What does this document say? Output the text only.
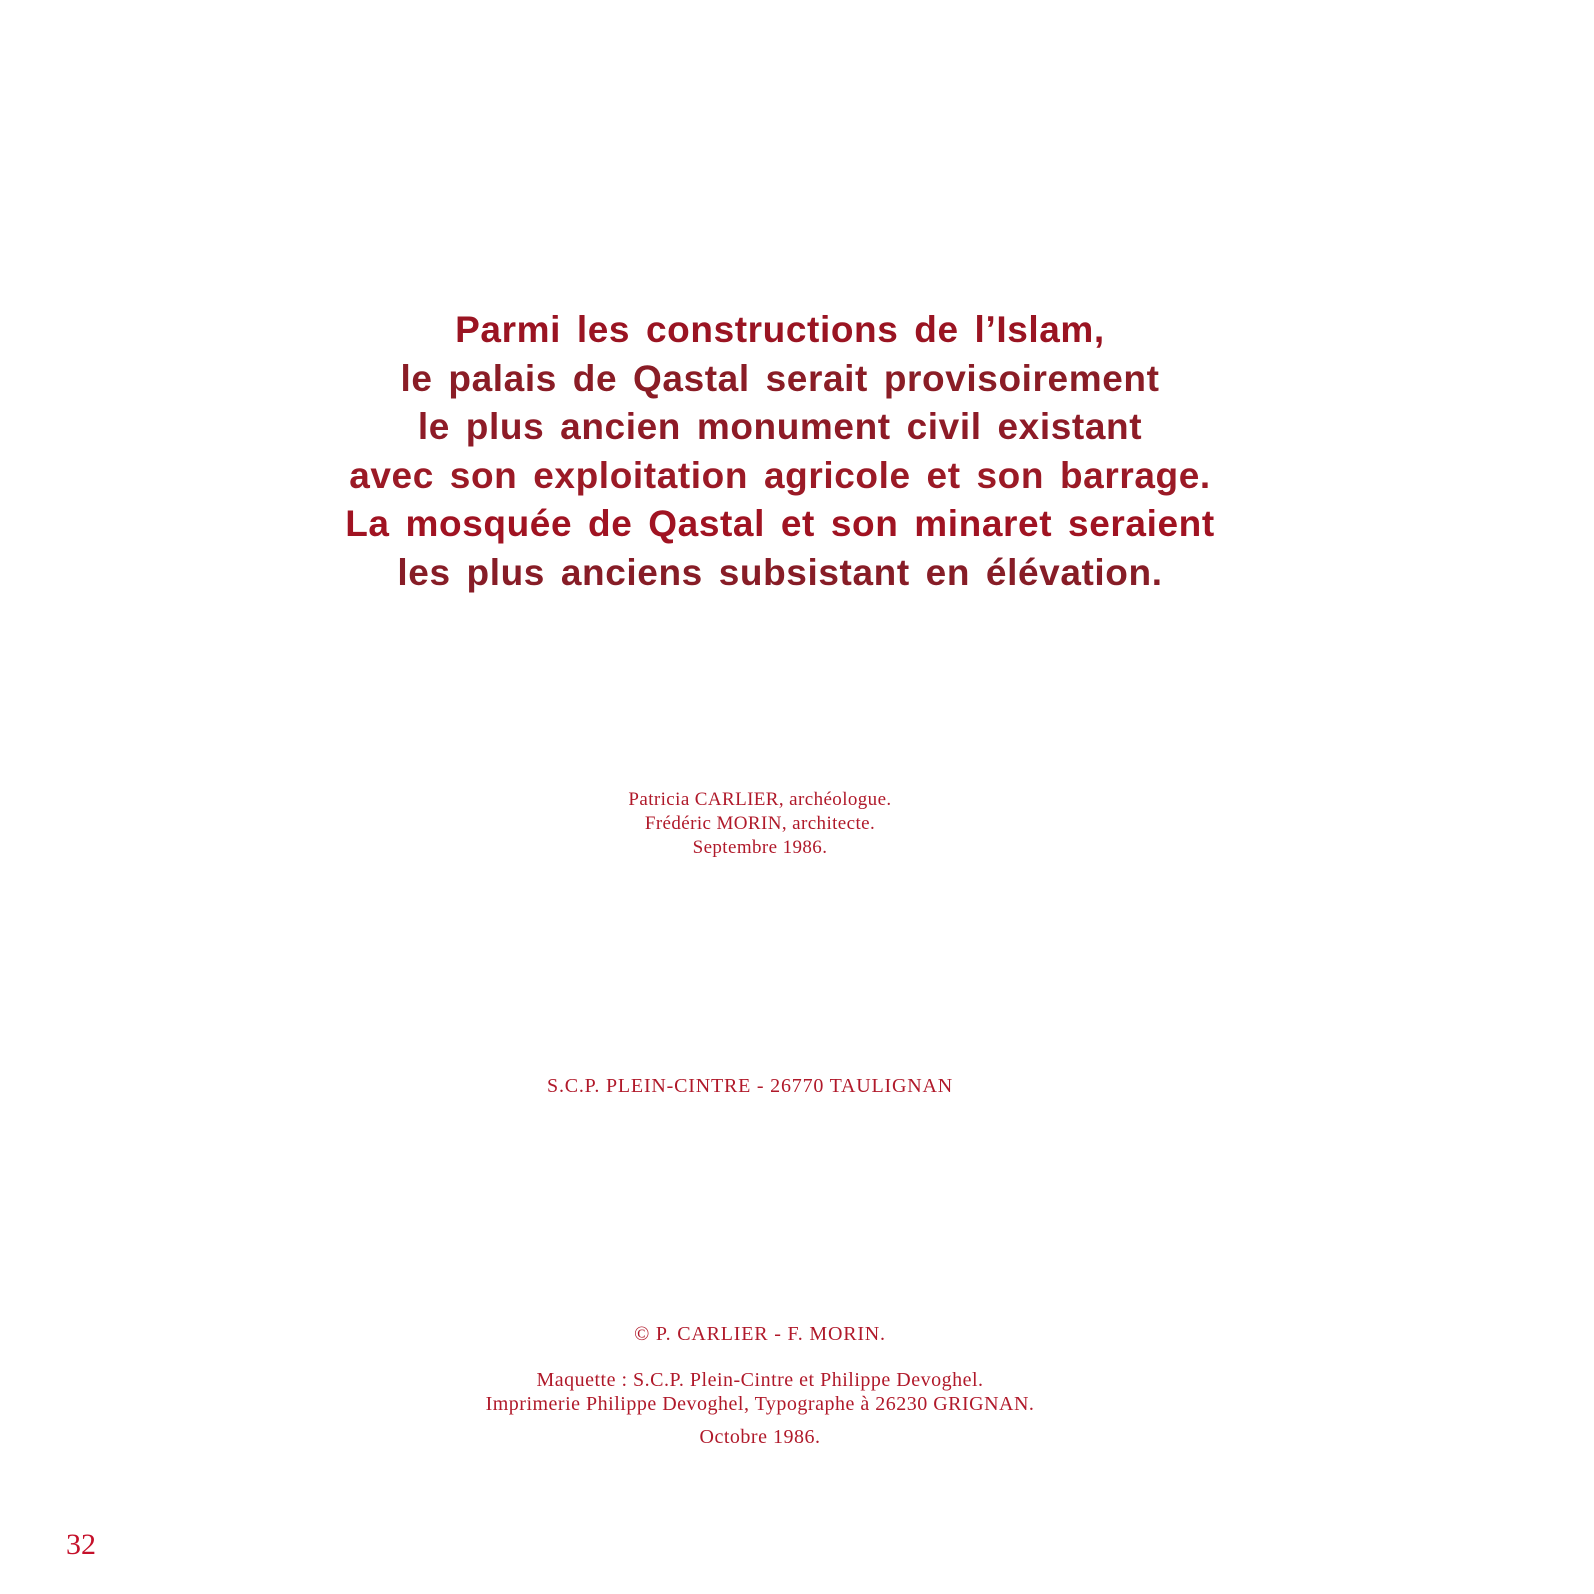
Parmi les constructions de l’Islam,
le palais de Qastal serait provisoirement
le plus ancien monument civil existant
avec son exploitation agricole et son barrage.
La mosquée de Qastal et son minaret seraient
les plus anciens subsistant en élévation.
Patricia CARLIER, archéologue.
Frédéric MORIN, architecte.
Septembre 1986.
S.C.P. PLEIN-CINTRE - 26770 TAULIGNAN
© P. CARLIER - F. MORIN.
Maquette : S.C.P. Plein-Cintre et Philippe Devoghel.
Imprimerie Philippe Devoghel, Typographe à 26230 GRIGNAN.
Octobre 1986.
32
